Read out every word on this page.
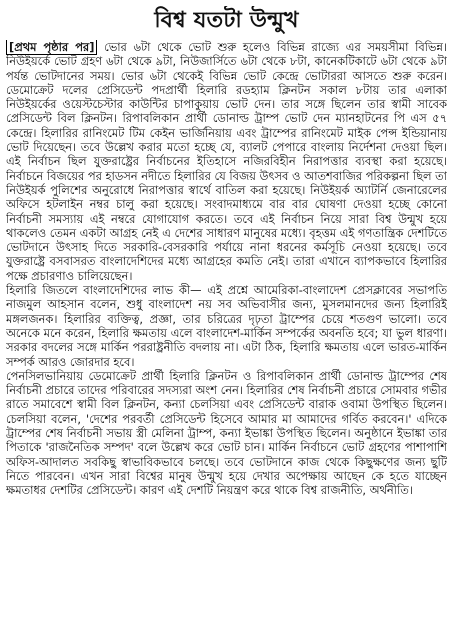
বিশ্ব যতটা উন্মুখ

[প্রথম পৃষ্ঠার পর] ভোর ৬টা থেকে ভোট শুরু হলেও বিভিন্ন রাজ্যে এর সময়সীমা বিভিন্ন। নিউইয়র্কে ভোট গ্রহণ ৬টা থেকে ৯টা, নিউজার্সিতে ৬টা থেকে ৮টা, কানেকটিকাটে ৬টা থেকে ৯টা পর্যন্ত ভোটদানের সময়। ভোর ৬টা থেকেই বিভিন্ন ভোট কেন্দ্রে ভোটাররা আসতে শুরু করেন। ডেমোক্রেট দলের প্রেসিডেন্ট পদপ্রার্থী হিলারি রডহ্যাম ক্লিনটন সকাল ৮টায় তার এলাকা নিউইয়র্কের ওয়েস্টচেস্টার কাউন্টির চাপাকুয়ায় ভোট দেন। তার সঙ্গে ছিলেন তার স্বামী সাবেক প্রেসিডেন্ট বিল ক্লিনটন। রিপাবলিকান প্রার্থী ডোনাল্ড ট্রাম্প ভোট দেন ম্যানহাটনের পি এস ৫৭ কেন্দ্রে। হিলারির রানিংমেট টিম কেইন ভার্জিনিয়ায় এবং ট্রাম্পের রানিংমেট মাইক পেন্স ইন্ডিয়ানায় ভোট দিয়েছেন। তবে উল্লেখ করার মতো হচ্ছে যে, ব্যালট পেপারে বাংলায় নির্দেশনা দেওয়া ছিল। এই নির্বাচন ছিল যুক্তরাষ্ট্রের নির্বাচনের ইতিহাসে নজিরবিহীন নিরাপত্তার ব্যবস্থা করা হয়েছে। নির্বাচনে বিজয়ের পর হাডসন নদীতে হিলারির যে বিজয় উৎসব ও আতশবাজির পরিকল্পনা ছিল তা নিউইয়র্ক পুলিশের অনুরোধে নিরাপত্তার স্বার্থে বাতিল করা হয়েছে। নিউইয়র্ক অ্যাটর্নি জেনারেলের অফিসে হটলাইন নম্বর চালু করা হয়েছে। সংবাদমাধ্যমে বার বার ঘোষণা দেওয়া হচ্ছে কোনো নির্বাচনী সমস্যায় এই নম্বরে যোগাযোগ করতে। তবে এই নির্বাচন নিয়ে সারা বিশ্ব উন্মুখ হয়ে থাকলেও তেমন একটা আগ্রহ নেই এ দেশের সাধারণ মানুষের মধ্যে। বৃহত্তম এই গণতান্ত্রিক দেশটিতে ভোটদানে উৎসাহ দিতে সরকারি-বেসরকারি পর্যায়ে নানা ধরনের কর্মসূচি নেওয়া হয়েছে। তবে যুক্তরাষ্ট্রে বসবাসরত বাংলাদেশিদের মধ্যে আগ্রহের কমতি নেই। তারা এখানে ব্যাপকভাবে হিলারির পক্ষে প্রচারণাও চালিয়েছেন।

হিলারি জিতলে বাংলাদেশিদের লাভ কী— এই প্রশ্নে আমেরিকা-বাংলাদেশ প্রেসক্লাবের সভাপতি নাজমুল আহসান বলেন, শুধু বাংলাদেশ নয় সব অভিবাসীর জন্য, মুসলমানদের জন্য হিলারিই মঙ্গলজনক। হিলারির ব্যক্তিত্ব, প্রজ্ঞা, তার চরিত্রের দৃঢ়তা ট্রাম্পের চেয়ে শতগুণ ভালো। তবে অনেকে মনে করেন, হিলারি ক্ষমতায় এলে বাংলাদেশ-মার্কিন সম্পর্কের অবনতি হবে; যা ভুল ধারণা। সরকার বদলের সঙ্গে মার্কিন পররাষ্ট্রনীতি বদলায় না। এটা ঠিক, হিলারি ক্ষমতায় এলে ভারত-মার্কিন সম্পর্ক আরও জোরদার হবে।

পেনসিলভানিয়ায় ডেমোক্রেট প্রার্থী হিলারি ক্লিনটন ও রিপাবলিকান প্রার্থী ডোনাল্ড ট্রাম্পের শেষ নির্বাচনী প্রচারে তাদের পরিবারের সদস্যরা অংশ নেন। হিলারির শেষ নির্বাচনী প্রচারে সোমবার গভীর রাতে সমাবেশে স্বামী বিল ক্লিনটন, কন্যা চেলসিয়া এবং প্রেসিডেন্ট বারাক ওবামা উপস্থিত ছিলেন। চেলসিয়া বলেন, 'দেশের পরবর্তী প্রেসিডেন্ট হিসেবে আমার মা আমাদের গর্বিত করবেন।' এদিকে ট্রাম্পের শেষ নির্বাচনী সভায় স্ত্রী মেলিনা ট্রাম্প, কন্যা ইভাঙ্কা উপস্থিত ছিলেন। অনুষ্ঠানে ইভাঙ্কা তার পিতাকে 'রাজনৈতিক সম্পদ' বলে উল্লেখ করে ভোট চান। মার্কিন নির্বাচনে ভোট গ্রহণের পাশাপাশি অফিস-আদালত সবকিছু স্বাভাবিকভাবে চলছে। তবে ভোটদানে কাজ থেকে কিছুক্ষণের জন্য ছুটি নিতে পারবেন। এখন সারা বিশ্বের মানুষ উন্মুখ হয়ে দেখার অপেক্ষায় আছেন কে হতে যাচ্ছেন ক্ষমতাধর দেশটির প্রেসিডেন্ট। কারণ এই দেশটি নিয়ন্ত্রণ করে থাকে বিশ্ব রাজনীতি, অর্থনীতি।
